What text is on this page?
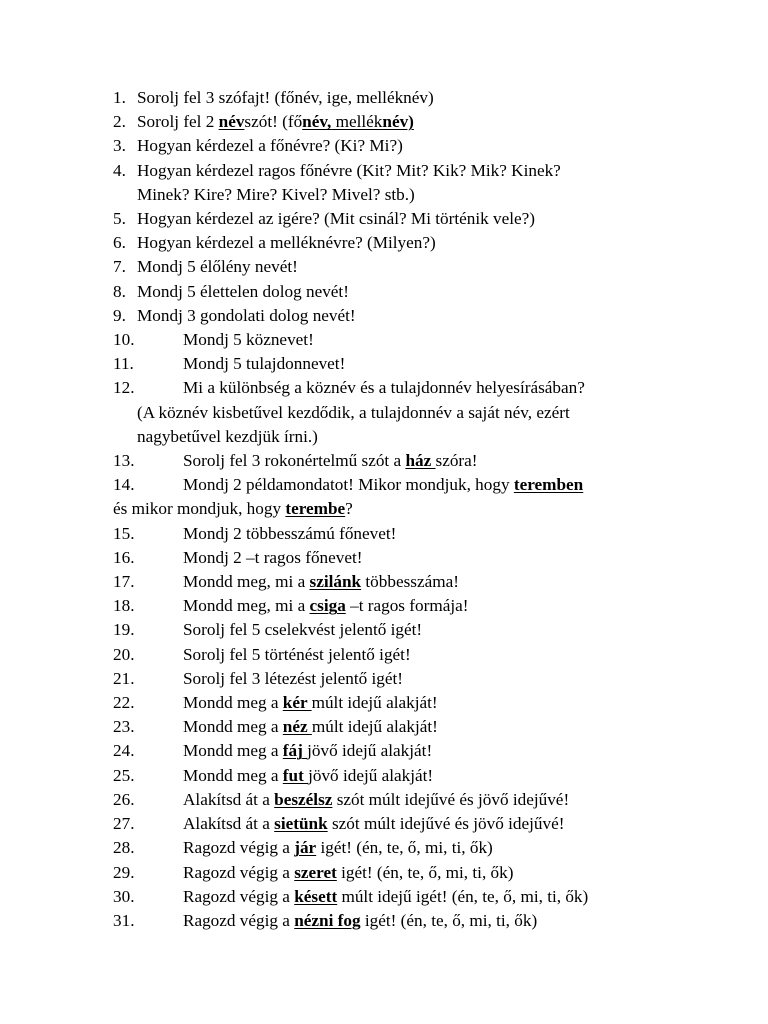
1. Sorolj fel 3 szófajt! (főnév, ige, melléknév)
2. Sorolj fel 2 névszót! (főnév, melléknév)
3. Hogyan kérdezel a főnévre? (Ki? Mi?)
4. Hogyan kérdezel ragos főnévre (Kit? Mit? Kik? Mik? Kinek?
Minek? Kire? Mire? Kivel? Mivel? stb.)
5. Hogyan kérdezel az igére? (Mit csinál? Mi történik vele?)
6. Hogyan kérdezel a melléknévre? (Milyen?)
7. Mondj 5 élőlény nevét!
8. Mondj 5 élettelen dolog nevét!
9. Mondj 3 gondolati dolog nevét!
10.	Mondj 5 köznevet!
11.	Mondj 5 tulajdonnevet!
12.	Mi a különbség a köznév és a tulajdonnév helyesírásában?
(A köznév kisbetűvel kezdődik, a tulajdonnév a saját név, ezért
nagybetűvel kezdjük írni.)
13.	Sorolj fel 3 rokonértelmű szót a ház szóra!
14.	Mondj 2 példamondatot! Mikor mondjuk, hogy teremben
és mikor mondjuk, hogy terembe?
15.	Mondj 2 többesszámú főnevet!
16.	Mondj 2 –t ragos főnevet!
17.	Mondd meg, mi a szilánk többesszáma!
18.	Mondd meg, mi a csiga –t ragos formája!
19.	Sorolj fel 5 cselekvést jelentő igét!
20.	Sorolj fel 5 történést jelentő igét!
21.	Sorolj fel 3 létezést jelentő igét!
22.	Mondd meg a kér múlt idejű alakját!
23.	Mondd meg a néz múlt idejű alakját!
24.	Mondd meg a fáj jövő idejű alakját!
25.	Mondd meg a fut jövő idejű alakját!
26.	Alakítsd át a beszélsz szót múlt idejűvé és jövő idejűvé!
27.	Alakítsd át a sietünk szót múlt idejűvé és jövő idejűvé!
28.	Ragozd végig a jár igét! (én, te, ő, mi, ti, ők)
29.	Ragozd végig a szeret igét! (én, te, ő, mi, ti, ők)
30.	Ragozd végig a késett múlt idejű igét! (én, te, ő, mi, ti, ők)
31.	Ragozd végig a nézni fog igét! (én, te, ő, mi, ti, ők)
